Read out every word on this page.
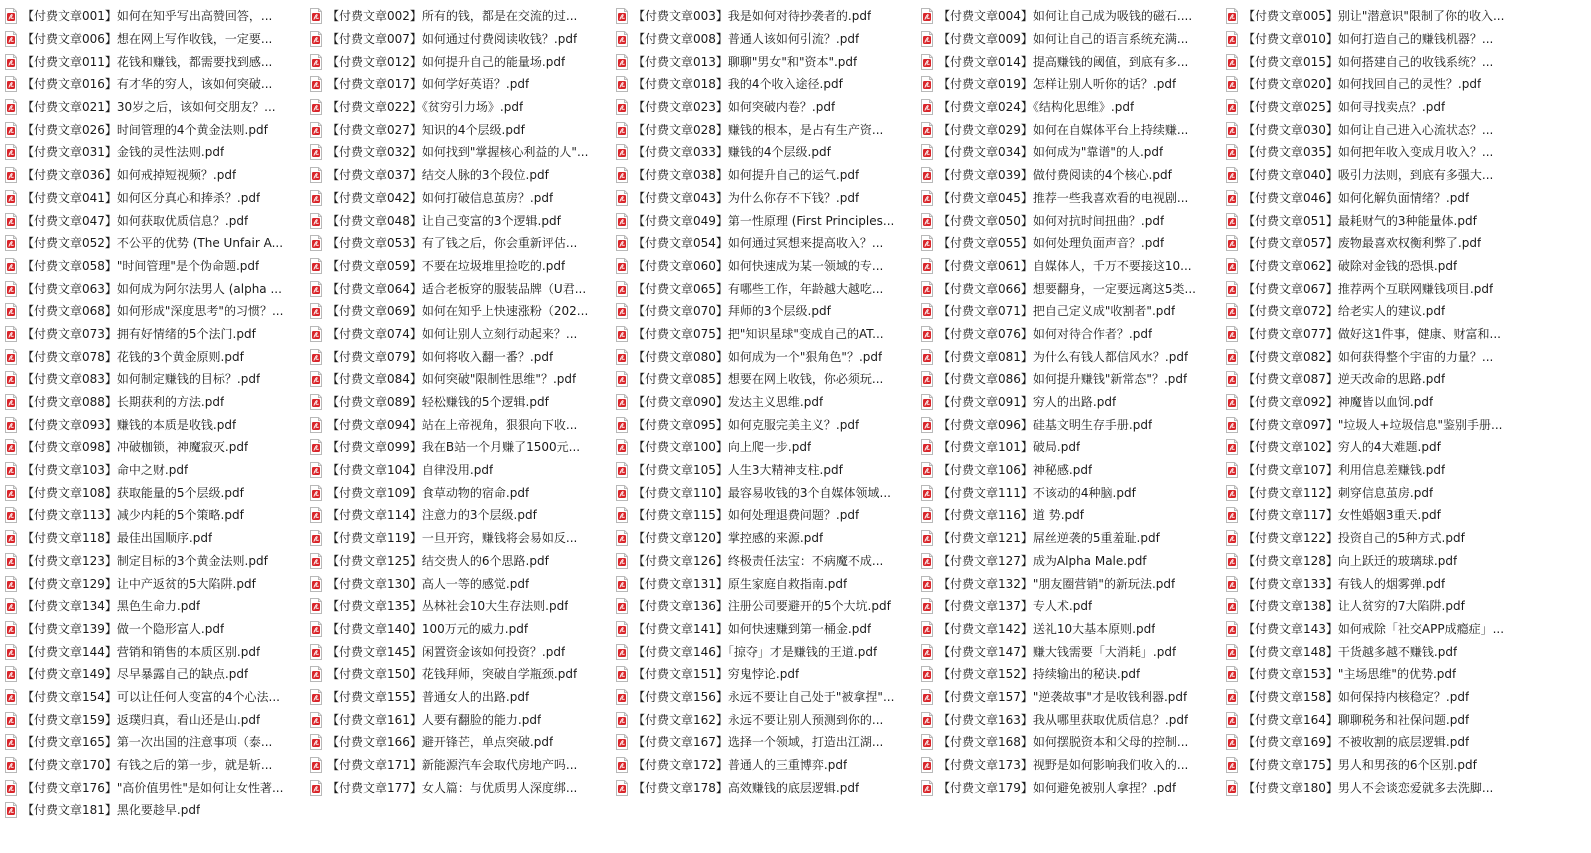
【付费文章001】如何在知乎写出高赞回答，...	【付费文章002】所有的钱，都是在交流的过...	【付费文章003】我是如何对待抄袭者的.pdf	【付费文章004】如何让自己成为吸钱的磁石....	【付费文章005】别让"潜意识"限制了你的收入...
【付费文章006】想在网上写作收钱，一定要...	【付费文章007】如何通过付费阅读收钱？.pdf	【付费文章008】普通人该如何引流？.pdf	【付费文章009】如何让自己的语言系统充满...	【付费文章010】如何打造自己的赚钱机器？...
【付费文章011】花钱和赚钱，都需要找到感...	【付费文章012】如何提升自己的能量场.pdf	【付费文章013】聊聊"男女"和"资本".pdf	【付费文章014】提高赚钱的阈值，到底有多...	【付费文章015】如何搭建自己的收钱系统？...
【付费文章016】有才华的穷人，该如何突破...	【付费文章017】如何学好英语？.pdf	【付费文章018】我的4个收入途径.pdf	【付费文章019】怎样让别人听你的话？.pdf	【付费文章020】如何找回自己的灵性？.pdf
【付费文章021】30岁之后，该如何交朋友？...	【付费文章022】《贫穷引力场》.pdf	【付费文章023】如何突破内卷？.pdf	【付费文章024】《结构化思维》.pdf	【付费文章025】如何寻找卖点？.pdf
【付费文章026】时间管理的4个黄金法则.pdf	【付费文章027】知识的4个层级.pdf	【付费文章028】赚钱的根本，是占有生产资...	【付费文章029】如何在自媒体平台上持续赚...	【付费文章030】如何让自己进入心流状态？...
【付费文章031】金钱的灵性法则.pdf	【付费文章032】如何找到"掌握核心利益的人"...	【付费文章033】赚钱的4个层级.pdf	【付费文章034】如何成为"靠谱"的人.pdf	【付费文章035】如何把年收入变成月收入？...
【付费文章036】如何戒掉短视频？.pdf	【付费文章037】结交人脉的3个段位.pdf	【付费文章038】如何提升自己的运气.pdf	【付费文章039】做付费阅读的4个核心.pdf	【付费文章040】吸引力法则，到底有多强大...
【付费文章041】如何区分真心和捧杀？.pdf	【付费文章042】如何打破信息茧房？.pdf	【付费文章043】为什么你存不下钱？.pdf	【付费文章045】推荐一些我喜欢看的电视剧...	【付费文章046】如何化解负面情绪？.pdf
【付费文章047】如何获取优质信息？.pdf	【付费文章048】让自己变富的3个逻辑.pdf	【付费文章049】第一性原理 (First Principles...	【付费文章050】如何对抗时间扭曲？.pdf	【付费文章051】最耗财气的3种能量体.pdf
【付费文章052】不公平的优势 (The Unfair A...	【付费文章053】有了钱之后，你会重新评估...	【付费文章054】如何通过冥想来提高收入？...	【付费文章055】如何处理负面声音？.pdf	【付费文章057】废物最喜欢权衡利弊了.pdf
【付费文章058】"时间管理"是个伪命题.pdf	【付费文章059】不要在垃圾堆里捡吃的.pdf	【付费文章060】如何快速成为某一领域的专...	【付费文章061】自媒体人，千万不要接这10...	【付费文章062】破除对金钱的恐惧.pdf
【付费文章063】如何成为阿尔法男人 (alpha ...	【付费文章064】适合老板穿的服装品牌（U君...	【付费文章065】有哪些工作，年龄越大越吃...	【付费文章066】想要翻身，一定要远离这5类...	【付费文章067】推荐两个互联网赚钱项目.pdf
【付费文章068】如何形成"深度思考"的习惯？...	【付费文章069】如何在知乎上快速涨粉（202...	【付费文章070】拜师的3个层级.pdf	【付费文章071】把自己定义成"收割者".pdf	【付费文章072】给老实人的建议.pdf
【付费文章073】拥有好情绪的5个法门.pdf	【付费文章074】如何让别人立刻行动起来？...	【付费文章075】把"知识星球"变成自己的AT...	【付费文章076】如何对待合作者？.pdf	【付费文章077】做好这1件事，健康、财富和...
【付费文章078】花钱的3个黄金原则.pdf	【付费文章079】如何将收入翻一番？.pdf	【付费文章080】如何成为一个"狠角色"？.pdf	【付费文章081】为什么有钱人都信风水？.pdf	【付费文章082】如何获得整个宇宙的力量？...
【付费文章083】如何制定赚钱的目标？.pdf	【付费文章084】如何突破"限制性思维"？.pdf	【付费文章085】想要在网上收钱，你必须玩...	【付费文章086】如何提升赚钱"新常态"？.pdf	【付费文章087】逆天改命的思路.pdf
【付费文章088】长期获利的方法.pdf	【付费文章089】轻松赚钱的5个逻辑.pdf	【付费文章090】发达主义思维.pdf	【付费文章091】穷人的出路.pdf	【付费文章092】神魔皆以血饲.pdf
【付费文章093】赚钱的本质是收钱.pdf	【付费文章094】站在上帝视角，狠狠向下收...	【付费文章095】如何克服完美主义？.pdf	【付费文章096】硅基文明生存手册.pdf	【付费文章097】"垃圾人+垃圾信息"鉴别手册...
【付费文章098】冲破枷锁，神魔寂灭.pdf	【付费文章099】我在B站一个月赚了1500元...	【付费文章100】向上爬一步.pdf	【付费文章101】破局.pdf	【付费文章102】穷人的4大难题.pdf
【付费文章103】命中之财.pdf	【付费文章104】自律没用.pdf	【付费文章105】人生3大精神支柱.pdf	【付费文章106】神秘感.pdf	【付费文章107】利用信息差赚钱.pdf
【付费文章108】获取能量的5个层级.pdf	【付费文章109】食草动物的宿命.pdf	【付费文章110】最容易收钱的3个自媒体领域...	【付费文章111】不该动的4种脑.pdf	【付费文章112】刺穿信息茧房.pdf
【付费文章113】减少内耗的5个策略.pdf	【付费文章114】注意力的3个层级.pdf	【付费文章115】如何处理退费问题？.pdf	【付费文章116】道 势.pdf	【付费文章117】女性婚姻3重天.pdf
【付费文章118】最佳出国顺序.pdf	【付费文章119】一旦开窍，赚钱将会易如反...	【付费文章120】掌控感的来源.pdf	【付费文章121】屌丝逆袭的5重羞耻.pdf	【付费文章122】投资自己的5种方式.pdf
【付费文章123】制定目标的3个黄金法则.pdf	【付费文章125】结交贵人的6个思路.pdf	【付费文章126】终极责任法宝：不病魔不成...	【付费文章127】成为Alpha Male.pdf	【付费文章128】向上跃迁的玻璃球.pdf
【付费文章129】让中产返贫的5大陷阱.pdf	【付费文章130】高人一等的感觉.pdf	【付费文章131】原生家庭自救指南.pdf	【付费文章132】"朋友圈营销"的新玩法.pdf	【付费文章133】有钱人的烟雾弹.pdf
【付费文章134】黑色生命力.pdf	【付费文章135】丛林社会10大生存法则.pdf	【付费文章136】注册公司要避开的5个大坑.pdf	【付费文章137】专人术.pdf	【付费文章138】让人贫穷的7大陷阱.pdf
【付费文章139】做一个隐形富人.pdf	【付费文章140】100万元的威力.pdf	【付费文章141】如何快速赚到第一桶金.pdf	【付费文章142】送礼10大基本原则.pdf	【付费文章143】如何戒除「社交APP成瘾症」...
【付费文章144】营销和销售的本质区别.pdf	【付费文章145】闲置资金该如何投资？.pdf	【付费文章146】「掠夺」才是赚钱的王道.pdf	【付费文章147】赚大钱需要「大消耗」.pdf	【付费文章148】干货越多越不赚钱.pdf
【付费文章149】尽早暴露自己的缺点.pdf	【付费文章150】花钱拜师，突破自学瓶颈.pdf	【付费文章151】穷鬼悖论.pdf	【付费文章152】持续输出的秘诀.pdf	【付费文章153】"主场思维"的优势.pdf
【付费文章154】可以让任何人变富的4个心法...	【付费文章155】普通女人的出路.pdf	【付费文章156】永远不要让自己处于"被拿捏"...	【付费文章157】"逆袭故事"才是收钱利器.pdf	【付费文章158】如何保持内核稳定？.pdf
【付费文章159】返璞归真，看山还是山.pdf	【付费文章161】人要有翻脸的能力.pdf	【付费文章162】永远不要让别人预测到你的...	【付费文章163】我从哪里获取优质信息？.pdf	【付费文章164】聊聊税务和社保问题.pdf
【付费文章165】第一次出国的注意事项（泰...	【付费文章166】避开锋芒，单点突破.pdf	【付费文章167】选择一个领域，打造出江湖...	【付费文章168】如何摆脱资本和父母的控制...	【付费文章169】不被收割的底层逻辑.pdf
【付费文章170】有钱之后的第一步，就是斩...	【付费文章171】新能源汽车会取代房地产吗...	【付费文章172】普通人的三重博弈.pdf	【付费文章173】视野是如何影响我们收入的...	【付费文章175】男人和男孩的6个区别.pdf
【付费文章176】"高价值男性"是如何让女性著...	【付费文章177】女人篇：与优质男人深度绑...	【付费文章178】高效赚钱的底层逻辑.pdf	【付费文章179】如何避免被别人拿捏？.pdf	【付费文章180】男人不会谈恋爱就多去洗脚...
【付费文章181】黑化要趁早.pdf
